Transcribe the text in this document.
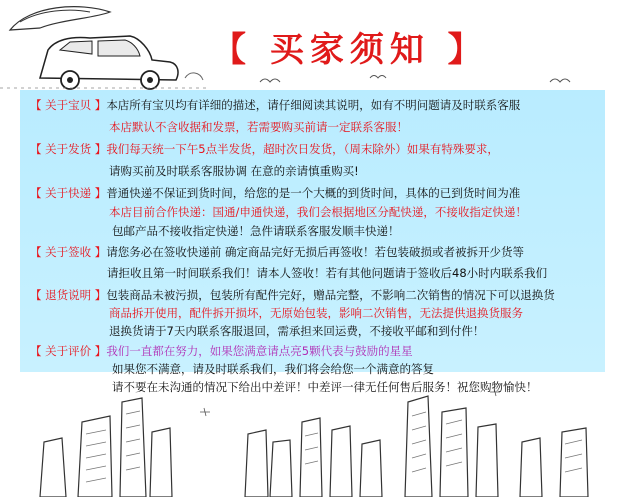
【 买家须知 】
【 关于宝贝 】本店所有宝贝均有详细的描述，请仔细阅读其说明，如有不明问题请及时联系客服
本店默认不含收据和发票，若需要购买前请一定联系客服！
【 关于发货 】我们每天统一下午5点半发货，超时次日发货，（周末除外）如果有特殊要求，
请购买前及时联系客服协调 在意的亲请慎重购买!
【 关于快递 】普通快递不保证到货时间，给您的是一个大概的到货时间，具体的已到货时间为准
本店目前合作快递：国通/申通快递，我们会根据地区分配快递，不接收指定快递！
包邮产品不接收指定快递！急件请联系客服发顺丰快递！
【 关于签收 】请您务必在签收快递前 确定商品完好无损后再签收！若包装破损或者被拆开少货等
请拒收且第一时间联系我们！请本人签收！若有其他问题请于签收后48小时内联系我们
【 退货说明 】包装商品未被污损，包装所有配件完好，赠品完整，不影响二次销售的情况下可以退换货
商品拆开使用，配件拆开损坏，无原始包装，影响二次销售，无法提供退换货服务
退换货请于7天内联系客服退回，需承担来回运费，不接收平邮和到付件！
【 关于评价 】我们一直都在努力，如果您满意请点亮5颗代表与鼓励的星星
如果您不满意，请及时联系我们，我们将会给您一个满意的答复
请不要在未沟通的情况下给出中差评！中差评一律无任何售后服务！祝您购物愉快！
